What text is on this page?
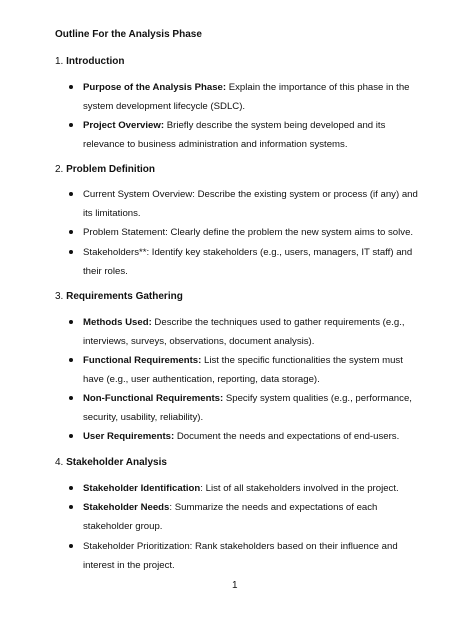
Outline For the Analysis Phase
1. Introduction
Purpose of the Analysis Phase: Explain the importance of this phase in the system development lifecycle (SDLC).
Project Overview: Briefly describe the system being developed and its relevance to business administration and information systems.
2. Problem Definition
Current System Overview: Describe the existing system or process (if any) and its limitations.
Problem Statement: Clearly define the problem the new system aims to solve.
Stakeholders**: Identify key stakeholders (e.g., users, managers, IT staff) and their roles.
3. Requirements Gathering
Methods Used: Describe the techniques used to gather requirements (e.g., interviews, surveys, observations, document analysis).
Functional Requirements: List the specific functionalities the system must have (e.g., user authentication, reporting, data storage).
Non-Functional Requirements: Specify system qualities (e.g., performance, security, usability, reliability).
User Requirements: Document the needs and expectations of end-users.
4. Stakeholder Analysis
Stakeholder Identification: List of all stakeholders involved in the project.
Stakeholder Needs: Summarize the needs and expectations of each stakeholder group.
Stakeholder Prioritization: Rank stakeholders based on their influence and interest in the project.
1
